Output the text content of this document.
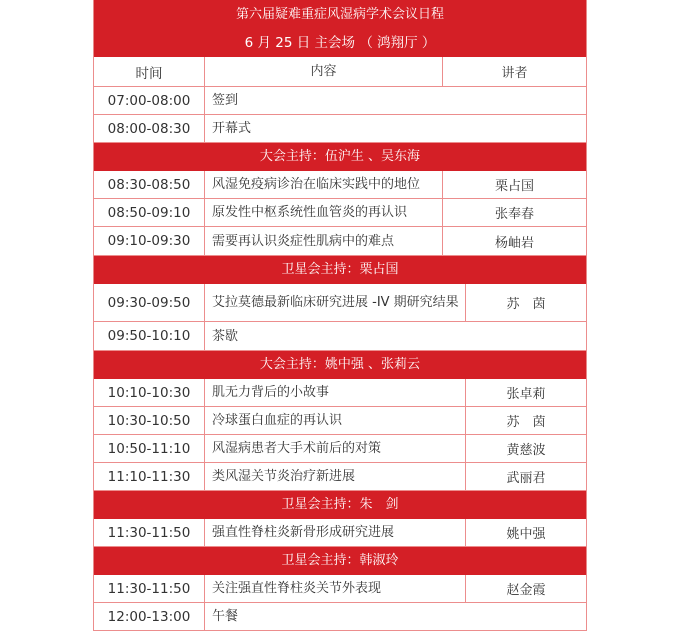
第六届疑难重症风湿病学术会议日程
6 月 25 日 主会场 （ 鸿翔厅 ）
时间	内容	讲者
07:00-08:00	签到
08:00-08:30	开幕式
大会主持：伍沪生 、吴东海
08:30-08:50	风湿免疫病诊治在临床实践中的地位	栗占国
08:50-09:10	原发性中枢系统性血管炎的再认识	张奉春
09:10-09:30	需要再认识炎症性肌病中的难点	杨岫岩
卫星会主持：栗占国
09:30-09:50	艾拉莫德最新临床研究进展 -IV 期研究结果	苏　茵
09:50-10:10	茶歇
大会主持：姚中强 、张莉云
10:10-10:30	肌无力背后的小故事	张卓莉
10:30-10:50	冷球蛋白血症的再认识	苏　茵
10:50-11:10	风湿病患者大手术前后的对策	黄慈波
11:10-11:30	类风湿关节炎治疗新进展	武丽君
卫星会主持：朱　剑
11:30-11:50	强直性脊柱炎新骨形成研究进展	姚中强
卫星会主持：韩淑玲
11:30-11:50	关注强直性脊柱炎关节外表现	赵金霞
12:00-13:00	午餐
